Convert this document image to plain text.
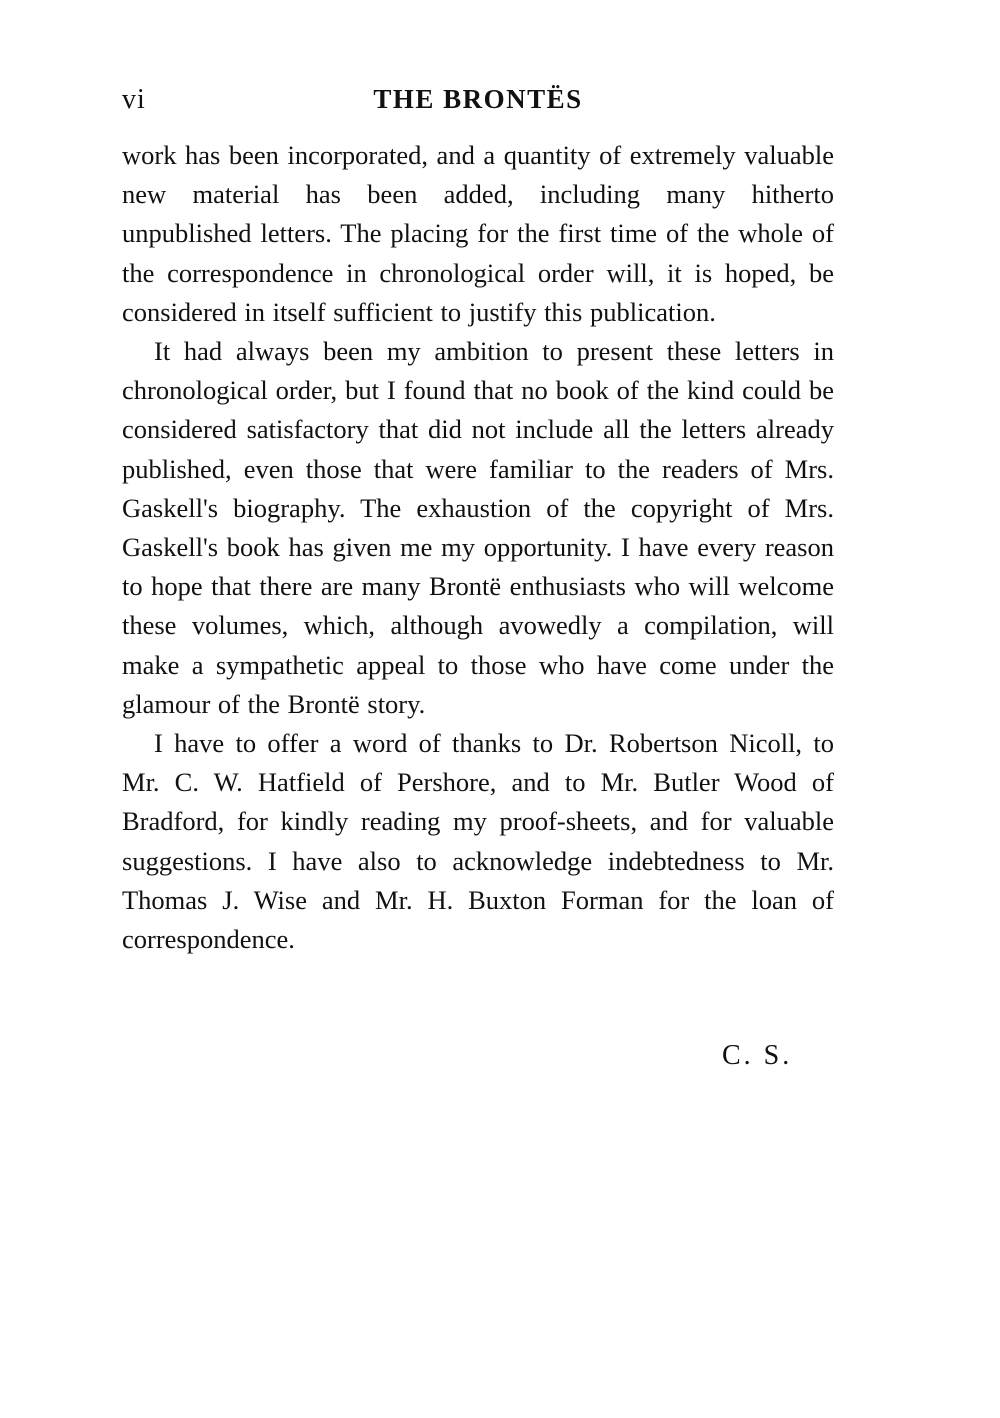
vi	THE BRONTËS

work has been incorporated, and a quantity of extremely valuable new material has been added, including many hitherto unpublished letters. The placing for the first time of the whole of the correspondence in chronological order will, it is hoped, be considered in itself sufficient to justify this publication.

It had always been my ambition to present these letters in chronological order, but I found that no book of the kind could be considered satisfactory that did not include all the letters already published, even those that were familiar to the readers of Mrs. Gaskell's biography. The exhaustion of the copyright of Mrs. Gaskell's book has given me my opportunity. I have every reason to hope that there are many Brontë enthusiasts who will welcome these volumes, which, although avowedly a compilation, will make a sympathetic appeal to those who have come under the glamour of the Brontë story.

I have to offer a word of thanks to Dr. Robertson Nicoll, to Mr. C. W. Hatfield of Pershore, and to Mr. Butler Wood of Bradford, for kindly reading my proof-sheets, and for valuable suggestions. I have also to acknowledge indebtedness to Mr. Thomas J. Wise and Mr. H. Buxton Forman for the loan of correspondence.

C. S.
